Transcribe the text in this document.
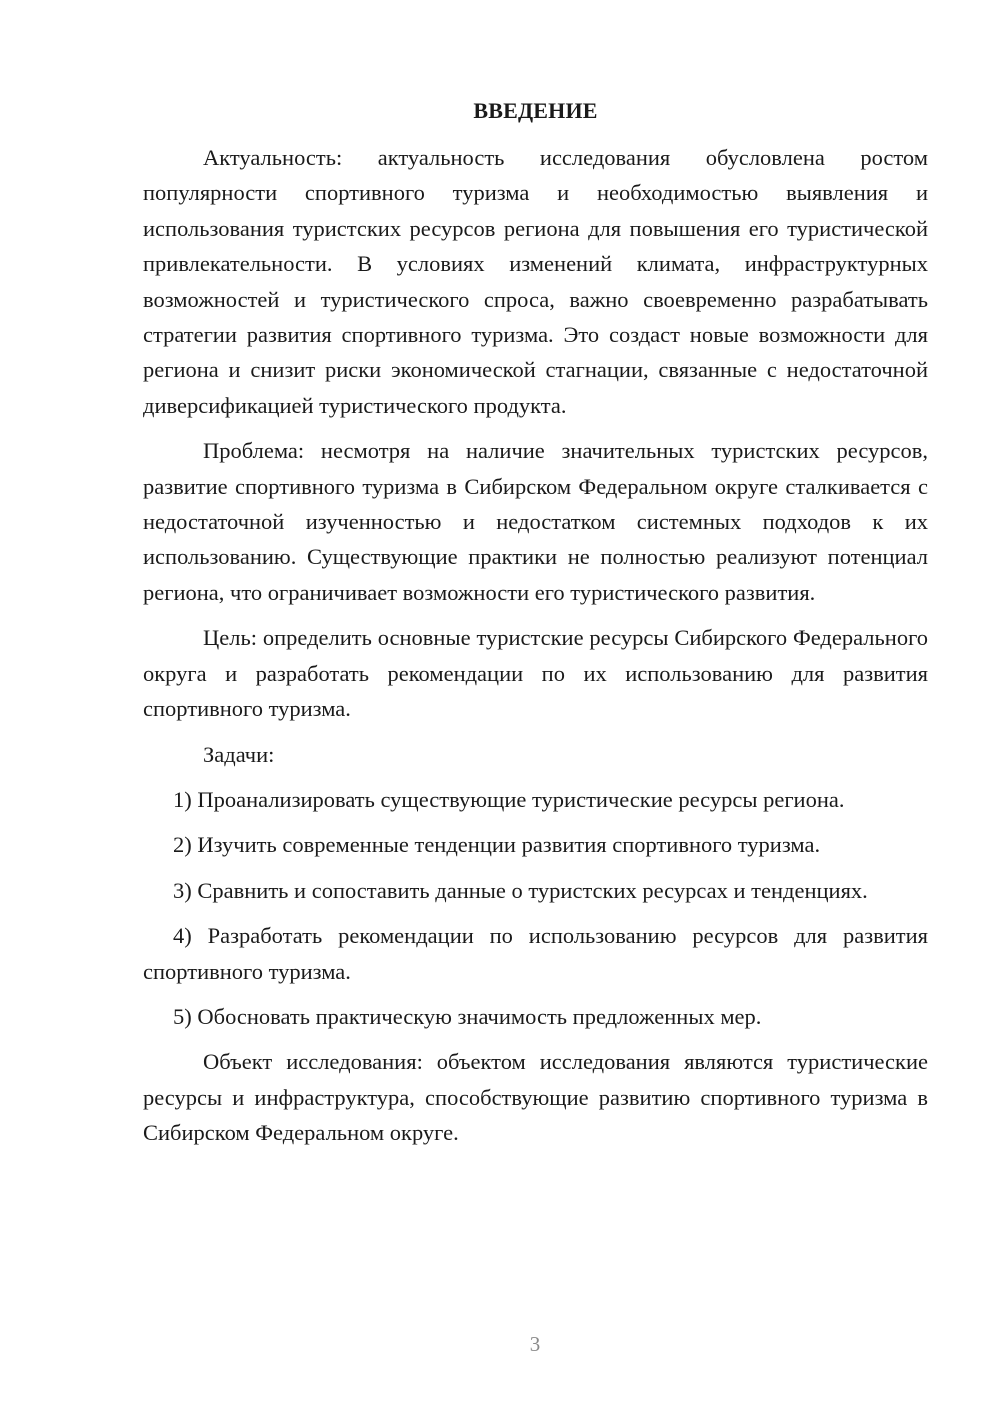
ВВЕДЕНИЕ

Актуальность: актуальность исследования обусловлена ростом популярности спортивного туризма и необходимостью выявления и использования туристских ресурсов региона для повышения его туристической привлекательности. В условиях изменений климата, инфраструктурных возможностей и туристического спроса, важно своевременно разрабатывать стратегии развития спортивного туризма. Это создаст новые возможности для региона и снизит риски экономической стагнации, связанные с недостаточной диверсификацией туристического продукта.

Проблема: несмотря на наличие значительных туристских ресурсов, развитие спортивного туризма в Сибирском Федеральном округе сталкивается с недостаточной изученностью и недостатком системных подходов к их использованию. Существующие практики не полностью реализуют потенциал региона, что ограничивает возможности его туристического развития.

Цель: определить основные туристские ресурсы Сибирского Федерального округа и разработать рекомендации по их использованию для развития спортивного туризма.

Задачи:

1) Проанализировать существующие туристические ресурсы региона.

2) Изучить современные тенденции развития спортивного туризма.

3) Сравнить и сопоставить данные о туристских ресурсах и тенденциях.

4) Разработать рекомендации по использованию ресурсов для развития спортивного туризма.

5) Обосновать практическую значимость предложенных мер.

Объект исследования: объектом исследования являются туристические ресурсы и инфраструктура, способствующие развитию спортивного туризма в Сибирском Федеральном округе.

3
